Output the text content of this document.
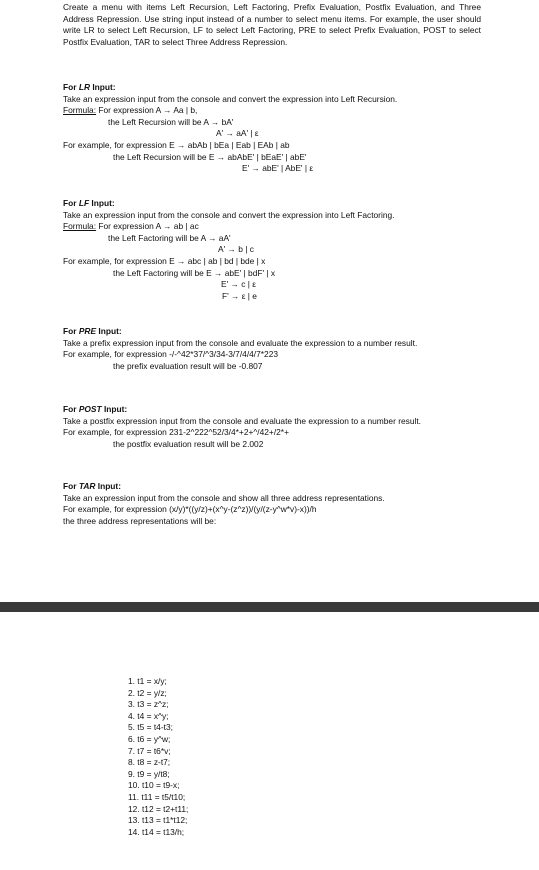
Create a menu with items Left Recursion, Left Factoring, Prefix Evaluation, Postfix Evaluation, and Three Address Repression. Use string input instead of a number to select menu items. For example, the user should write LR to select Left Recursion, LF to select Left Factoring, PRE to select Prefix Evaluation, POST to select Postfix Evaluation, TAR to select Three Address Repression.
For LR Input:
Take an expression input from the console and convert the expression into Left Recursion.
Formula: For expression A → Aa | b,
the Left Recursion will be A → bA'
A' → aA' | ε
For example, for expression E → abAb | bEa | Eab | EAb | ab
the Left Recursion will be E → abAbE' | bEaE' | abE'
E' → abE' | AbE' | ε
For LF Input:
Take an expression input from the console and convert the expression into Left Factoring.
Formula: For expression A → ab | ac
the Left Factoring will be A → aA'
A' → b | c
For example, for expression E → abc | ab | bd | bde | x
the Left Factoring will be E → abE' | bdF' | x
E' → c | ε
F' → ε | e
For PRE Input:
Take a prefix expression input from the console and evaluate the expression to a number result.
For example, for expression -/-^42*37/^3/34-3/7/4/4/7*223
the prefix evaluation result will be -0.807
For POST Input:
Take a postfix expression input from the console and evaluate the expression to a number result.
For example, for expression 231-2^222^52/3/4*+2+^/42+/2*+
the postfix evaluation result will be 2.002
For TAR Input:
Take an expression input from the console and show all three address representations.
For example, for expression (x/y)*((y/z)+(x^y-(z^z))/(y/(z-y^w*v)-x))/h
the three address representations will be:
1. t1 = x/y;
2. t2 = y/z;
3. t3 = z^z;
4. t4 = x^y;
5. t5 = t4-t3;
6. t6 = y^w;
7. t7 = t6*v;
8. t8 = z-t7;
9. t9 = y/t8;
10. t10 = t9-x;
11. t11 = t5/t10;
12. t12 = t2+t11;
13. t13 = t1*t12;
14. t14 = t13/h;
